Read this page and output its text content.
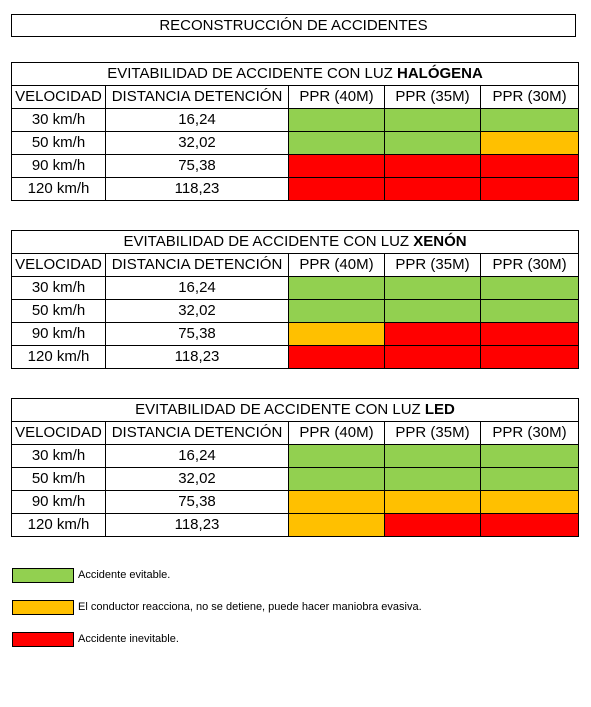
RECONSTRUCCIÓN DE ACCIDENTES
EVITABILIDAD DE ACCIDENTE CON LUZ HALÓGENA				
VELOCIDAD	DISTANCIA DETENCIÓN	PPR (40M)	PPR (35M)	PPR (30M)
30 km/h	16,24			
50 km/h	32,02			
90 km/h	75,38			
120 km/h	118,23			
EVITABILIDAD DE ACCIDENTE CON LUZ XENÓN				
VELOCIDAD	DISTANCIA DETENCIÓN	PPR (40M)	PPR (35M)	PPR (30M)
30 km/h	16,24			
50 km/h	32,02			
90 km/h	75,38			
120 km/h	118,23			
EVITABILIDAD DE ACCIDENTE CON LUZ LED				
VELOCIDAD	DISTANCIA DETENCIÓN	PPR (40M)	PPR (35M)	PPR (30M)
30 km/h	16,24			
50 km/h	32,02			
90 km/h	75,38			
120 km/h	118,23			
Accidente evitable.
El conductor reacciona, no se detiene, puede hacer maniobra evasiva.
Accidente inevitable.
